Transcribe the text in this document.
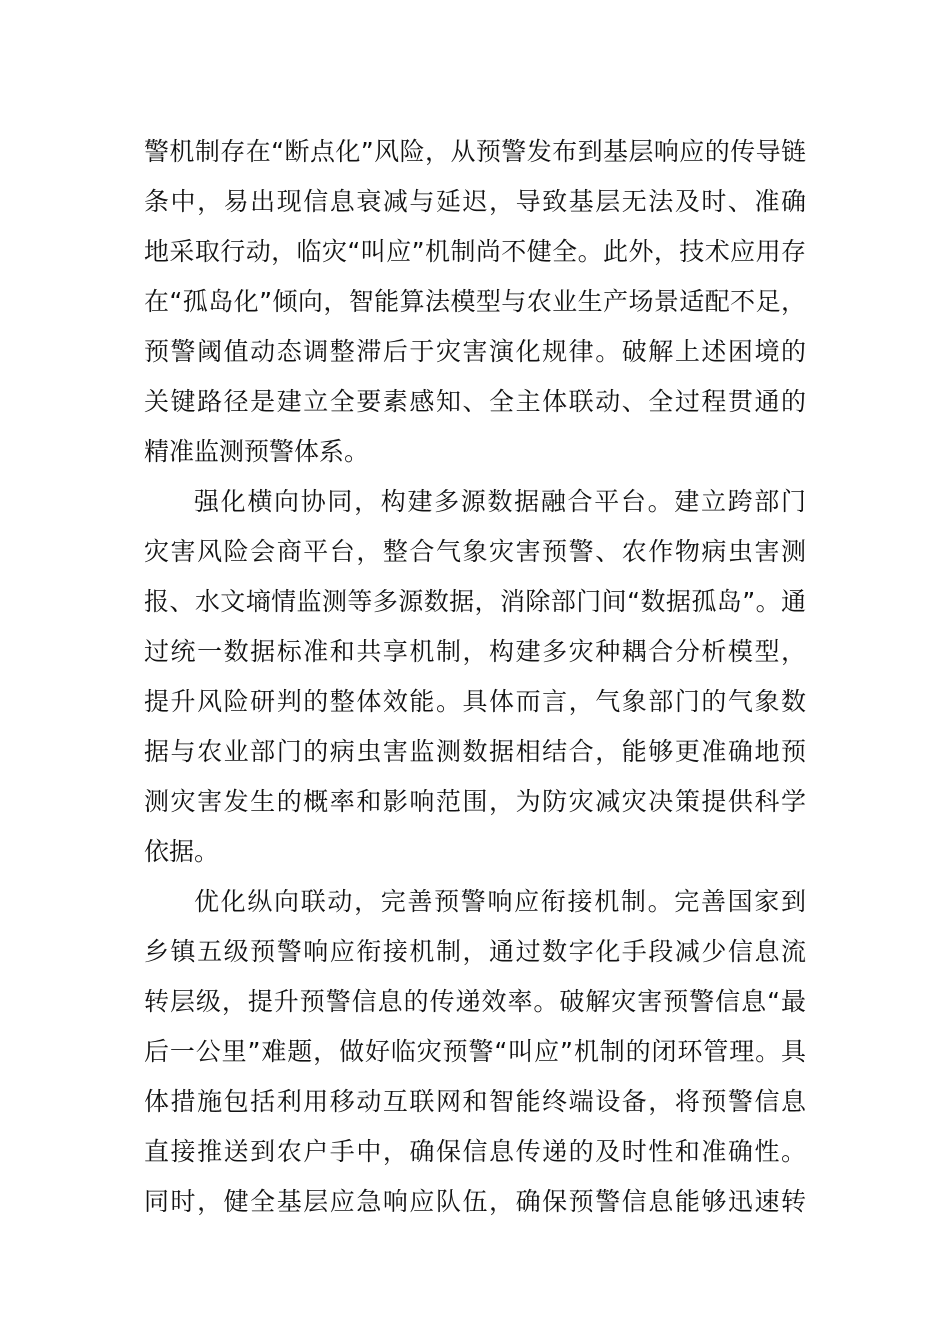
警机制存在“断点化”风险，从预警发布到基层响应的传导链
条中，易出现信息衰减与延迟，导致基层无法及时、准确
地采取行动，临灾“叫应”机制尚不健全。此外，技术应用存
在“孤岛化”倾向，智能算法模型与农业生产场景适配不足，
预警阈值动态调整滞后于灾害演化规律。破解上述困境的
关键路径是建立全要素感知、全主体联动、全过程贯通的
精准监测预警体系。
强化横向协同，构建多源数据融合平台。建立跨部门
灾害风险会商平台，整合气象灾害预警、农作物病虫害测
报、水文墒情监测等多源数据，消除部门间“数据孤岛”。通
过统一数据标准和共享机制，构建多灾种耦合分析模型，
提升风险研判的整体效能。具体而言，气象部门的气象数
据与农业部门的病虫害监测数据相结合，能够更准确地预
测灾害发生的概率和影响范围，为防灾减灾决策提供科学
依据。
优化纵向联动，完善预警响应衔接机制。完善国家到
乡镇五级预警响应衔接机制，通过数字化手段减少信息流
转层级，提升预警信息的传递效率。破解灾害预警信息“最
后一公里”难题，做好临灾预警“叫应”机制的闭环管理。具
体措施包括利用移动互联网和智能终端设备，将预警信息
直接推送到农户手中，确保信息传递的及时性和准确性。
同时，健全基层应急响应队伍，确保预警信息能够迅速转
